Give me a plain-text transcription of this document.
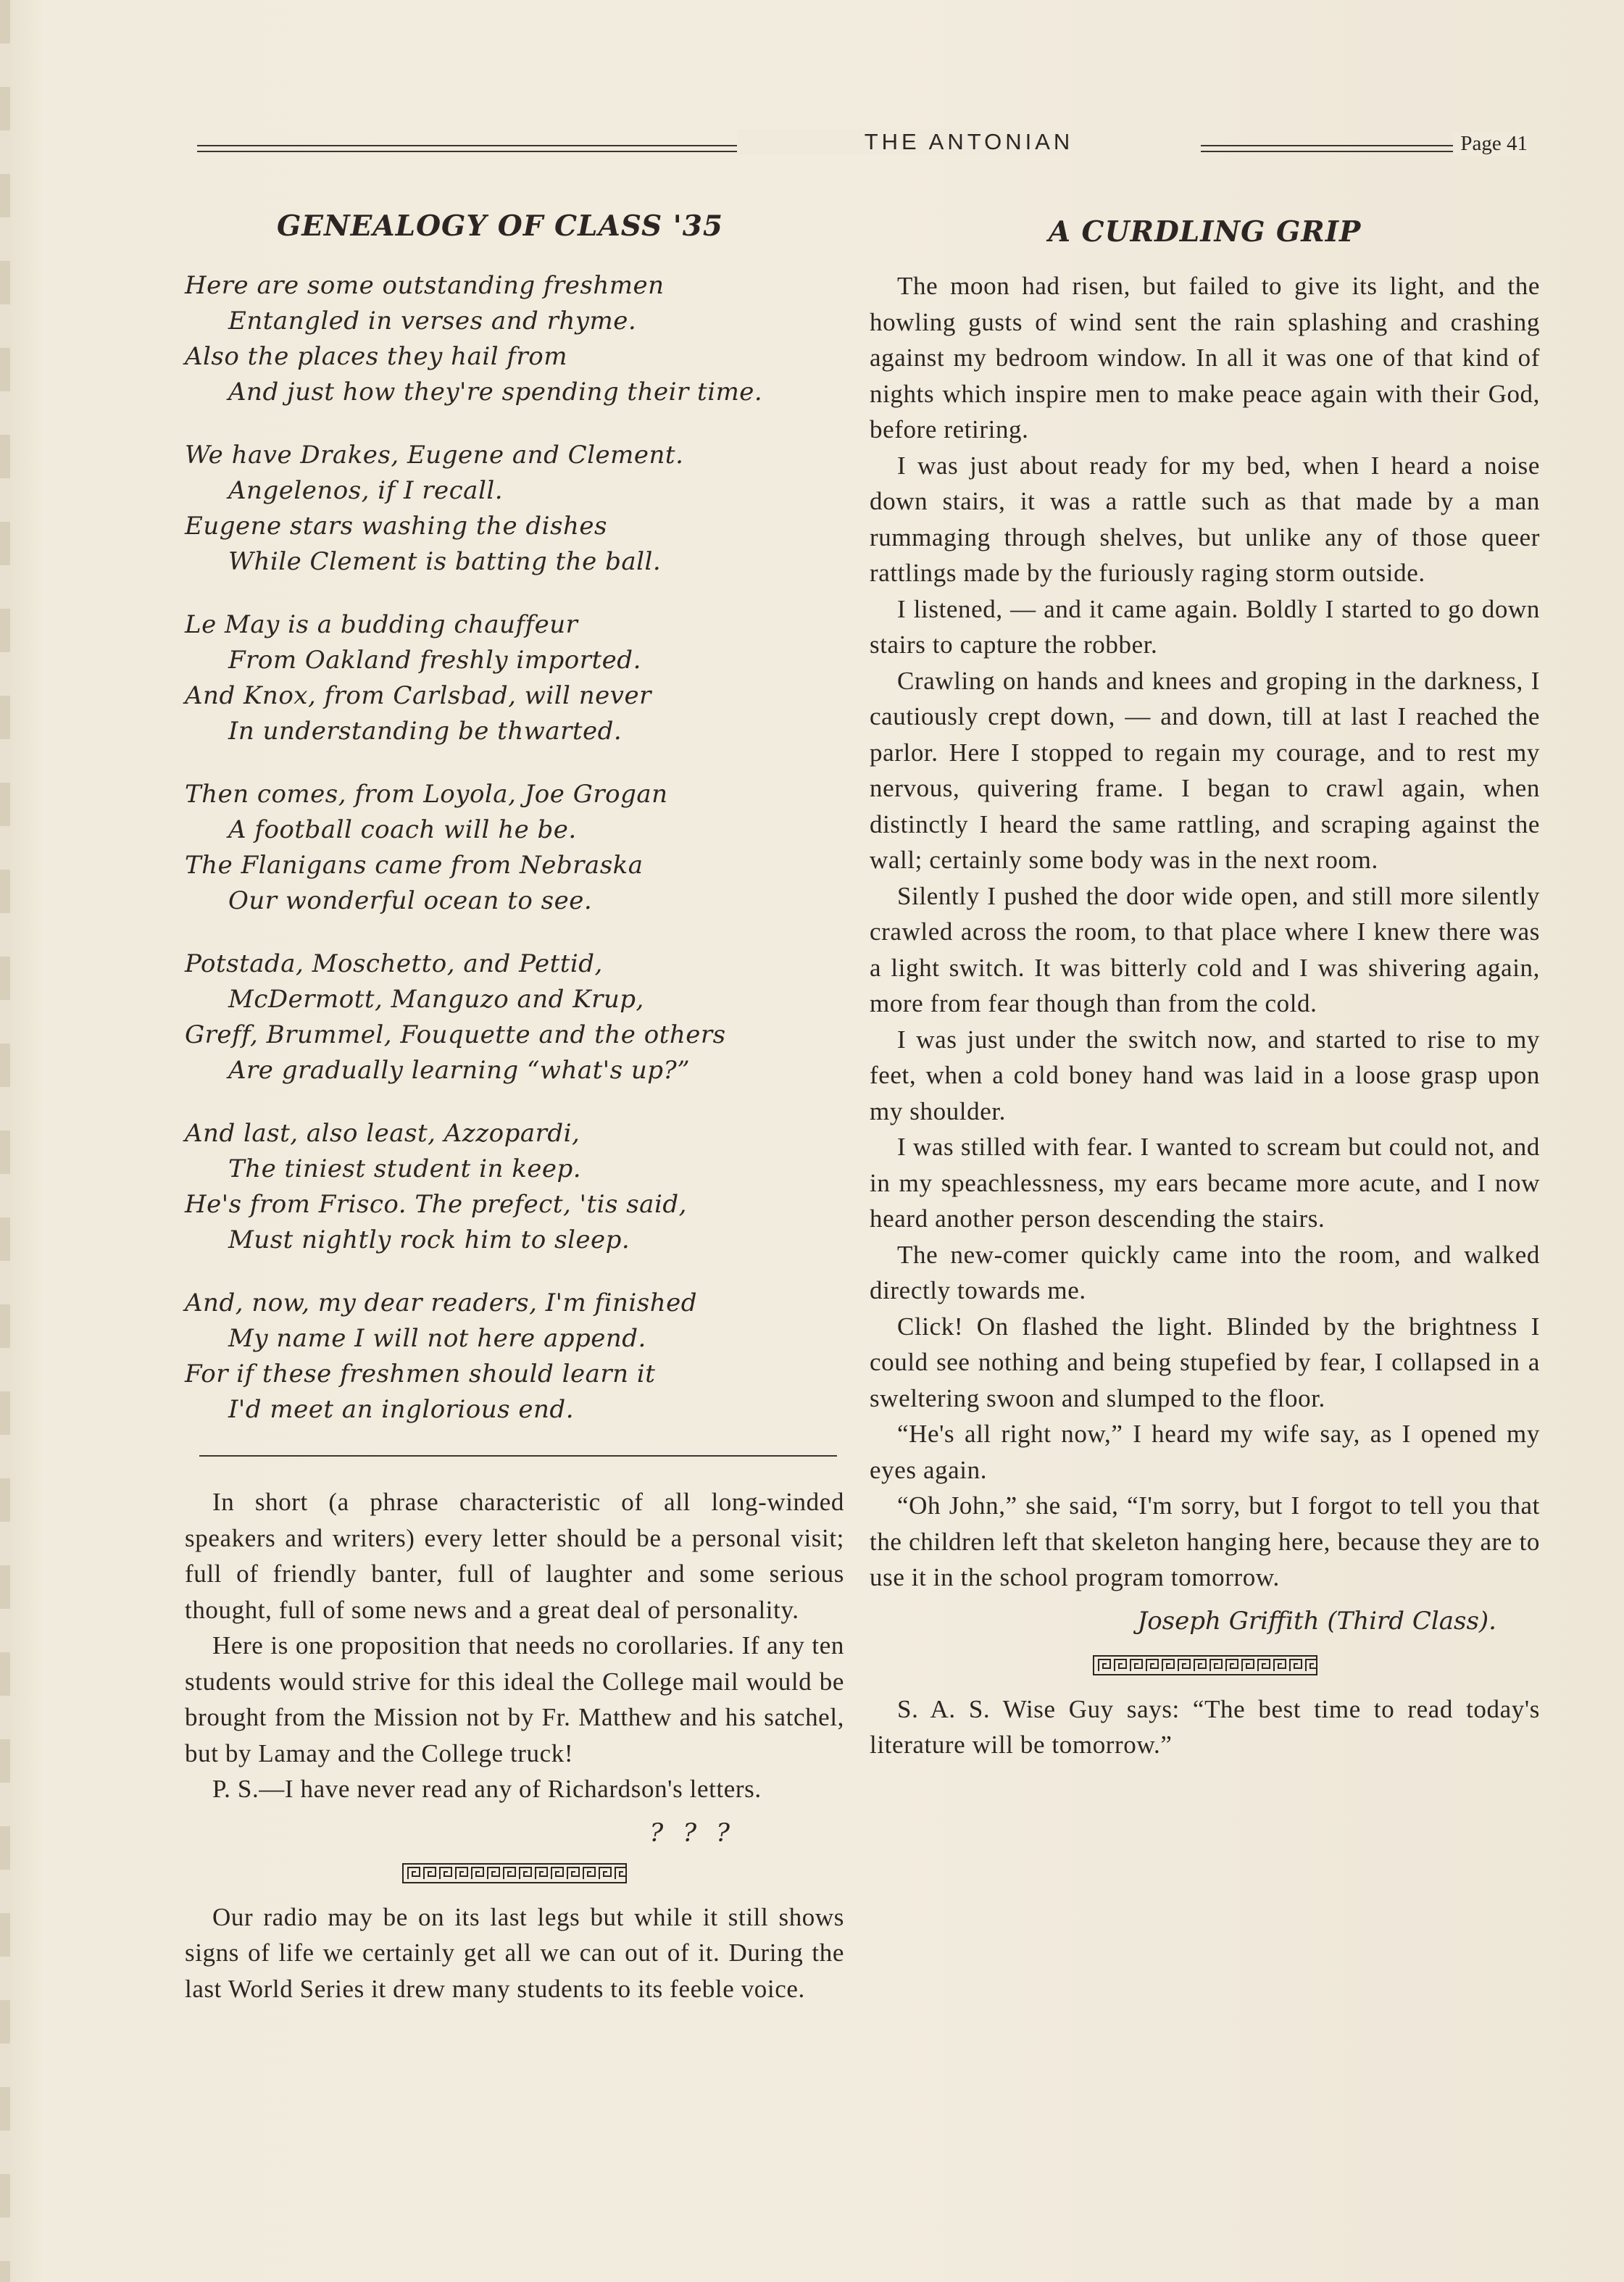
THE ANTONIAN	Page 41
GENEALOGY OF CLASS '35
Here are some outstanding freshmen
Entangled in verses and rhyme.
Also the places they hail from
And just how they're spending their time.
We have Drakes, Eugene and Clement.
Angelenos, if I recall.
Eugene stars washing the dishes
While Clement is batting the ball.
Le May is a budding chauffeur
From Oakland freshly imported.
And Knox, from Carlsbad, will never
In understanding be thwarted.
Then comes, from Loyola, Joe Grogan
A football coach will he be.
The Flanigans came from Nebraska
Our wonderful ocean to see.
Potstada, Moschetto, and Pettid,
McDermott, Manguzo and Krup,
Greff, Brummel, Fouquette and the others
Are gradually learning “what's up?”
And last, also least, Azzopardi,
The tiniest student in keep.
He's from Frisco. The prefect, 'tis said,
Must nightly rock him to sleep.
And, now, my dear readers, I'm finished
My name I will not here append.
For if these freshmen should learn it
I'd meet an inglorious end.
In short (a phrase characteristic of all long-winded speakers and writers) every letter should be a personal visit; full of friendly banter, full of laughter and some serious thought, full of some news and a great deal of personality.
Here is one proposition that needs no corollaries. If any ten students would strive for this ideal the College mail would be brought from the Mission not by Fr. Matthew and his satchel, but by Lamay and the College truck!
P. S.—I have never read any of Richardson's letters.
? ? ?
Our radio may be on its last legs but while it still shows signs of life we certainly get all we can out of it. During the last World Series it drew many students to its feeble voice.
A CURDLING GRIP
The moon had risen, but failed to give its light, and the howling gusts of wind sent the rain splashing and crashing against my bedroom window. In all it was one of that kind of nights which inspire men to make peace again with their God, before retiring.
I was just about ready for my bed, when I heard a noise down stairs, it was a rattle such as that made by a man rummaging through shelves, but unlike any of those queer rattlings made by the furiously raging storm outside.
I listened, — and it came again. Boldly I started to go down stairs to capture the robber.
Crawling on hands and knees and groping in the darkness, I cautiously crept down, — and down, till at last I reached the parlor. Here I stopped to regain my courage, and to rest my nervous, quivering frame. I began to crawl again, when distinctly I heard the same rattling, and scraping against the wall; certainly some body was in the next room.
Silently I pushed the door wide open, and still more silently crawled across the room, to that place where I knew there was a light switch. It was bitterly cold and I was shivering again, more from fear though than from the cold.
I was just under the switch now, and started to rise to my feet, when a cold boney hand was laid in a loose grasp upon my shoulder.
I was stilled with fear. I wanted to scream but could not, and in my speachlessness, my ears became more acute, and I now heard another person descending the stairs.
The new-comer quickly came into the room, and walked directly towards me.
Click! On flashed the light. Blinded by the brightness I could see nothing and being stupefied by fear, I collapsed in a sweltering swoon and slumped to the floor.
“He's all right now,” I heard my wife say, as I opened my eyes again.
“Oh John,” she said, “I'm sorry, but I forgot to tell you that the children left that skeleton hanging here, because they are to use it in the school program tomorrow.
Joseph Griffith (Third Class).
S. A. S. Wise Guy says: “The best time to read today's literature will be tomorrow.”
